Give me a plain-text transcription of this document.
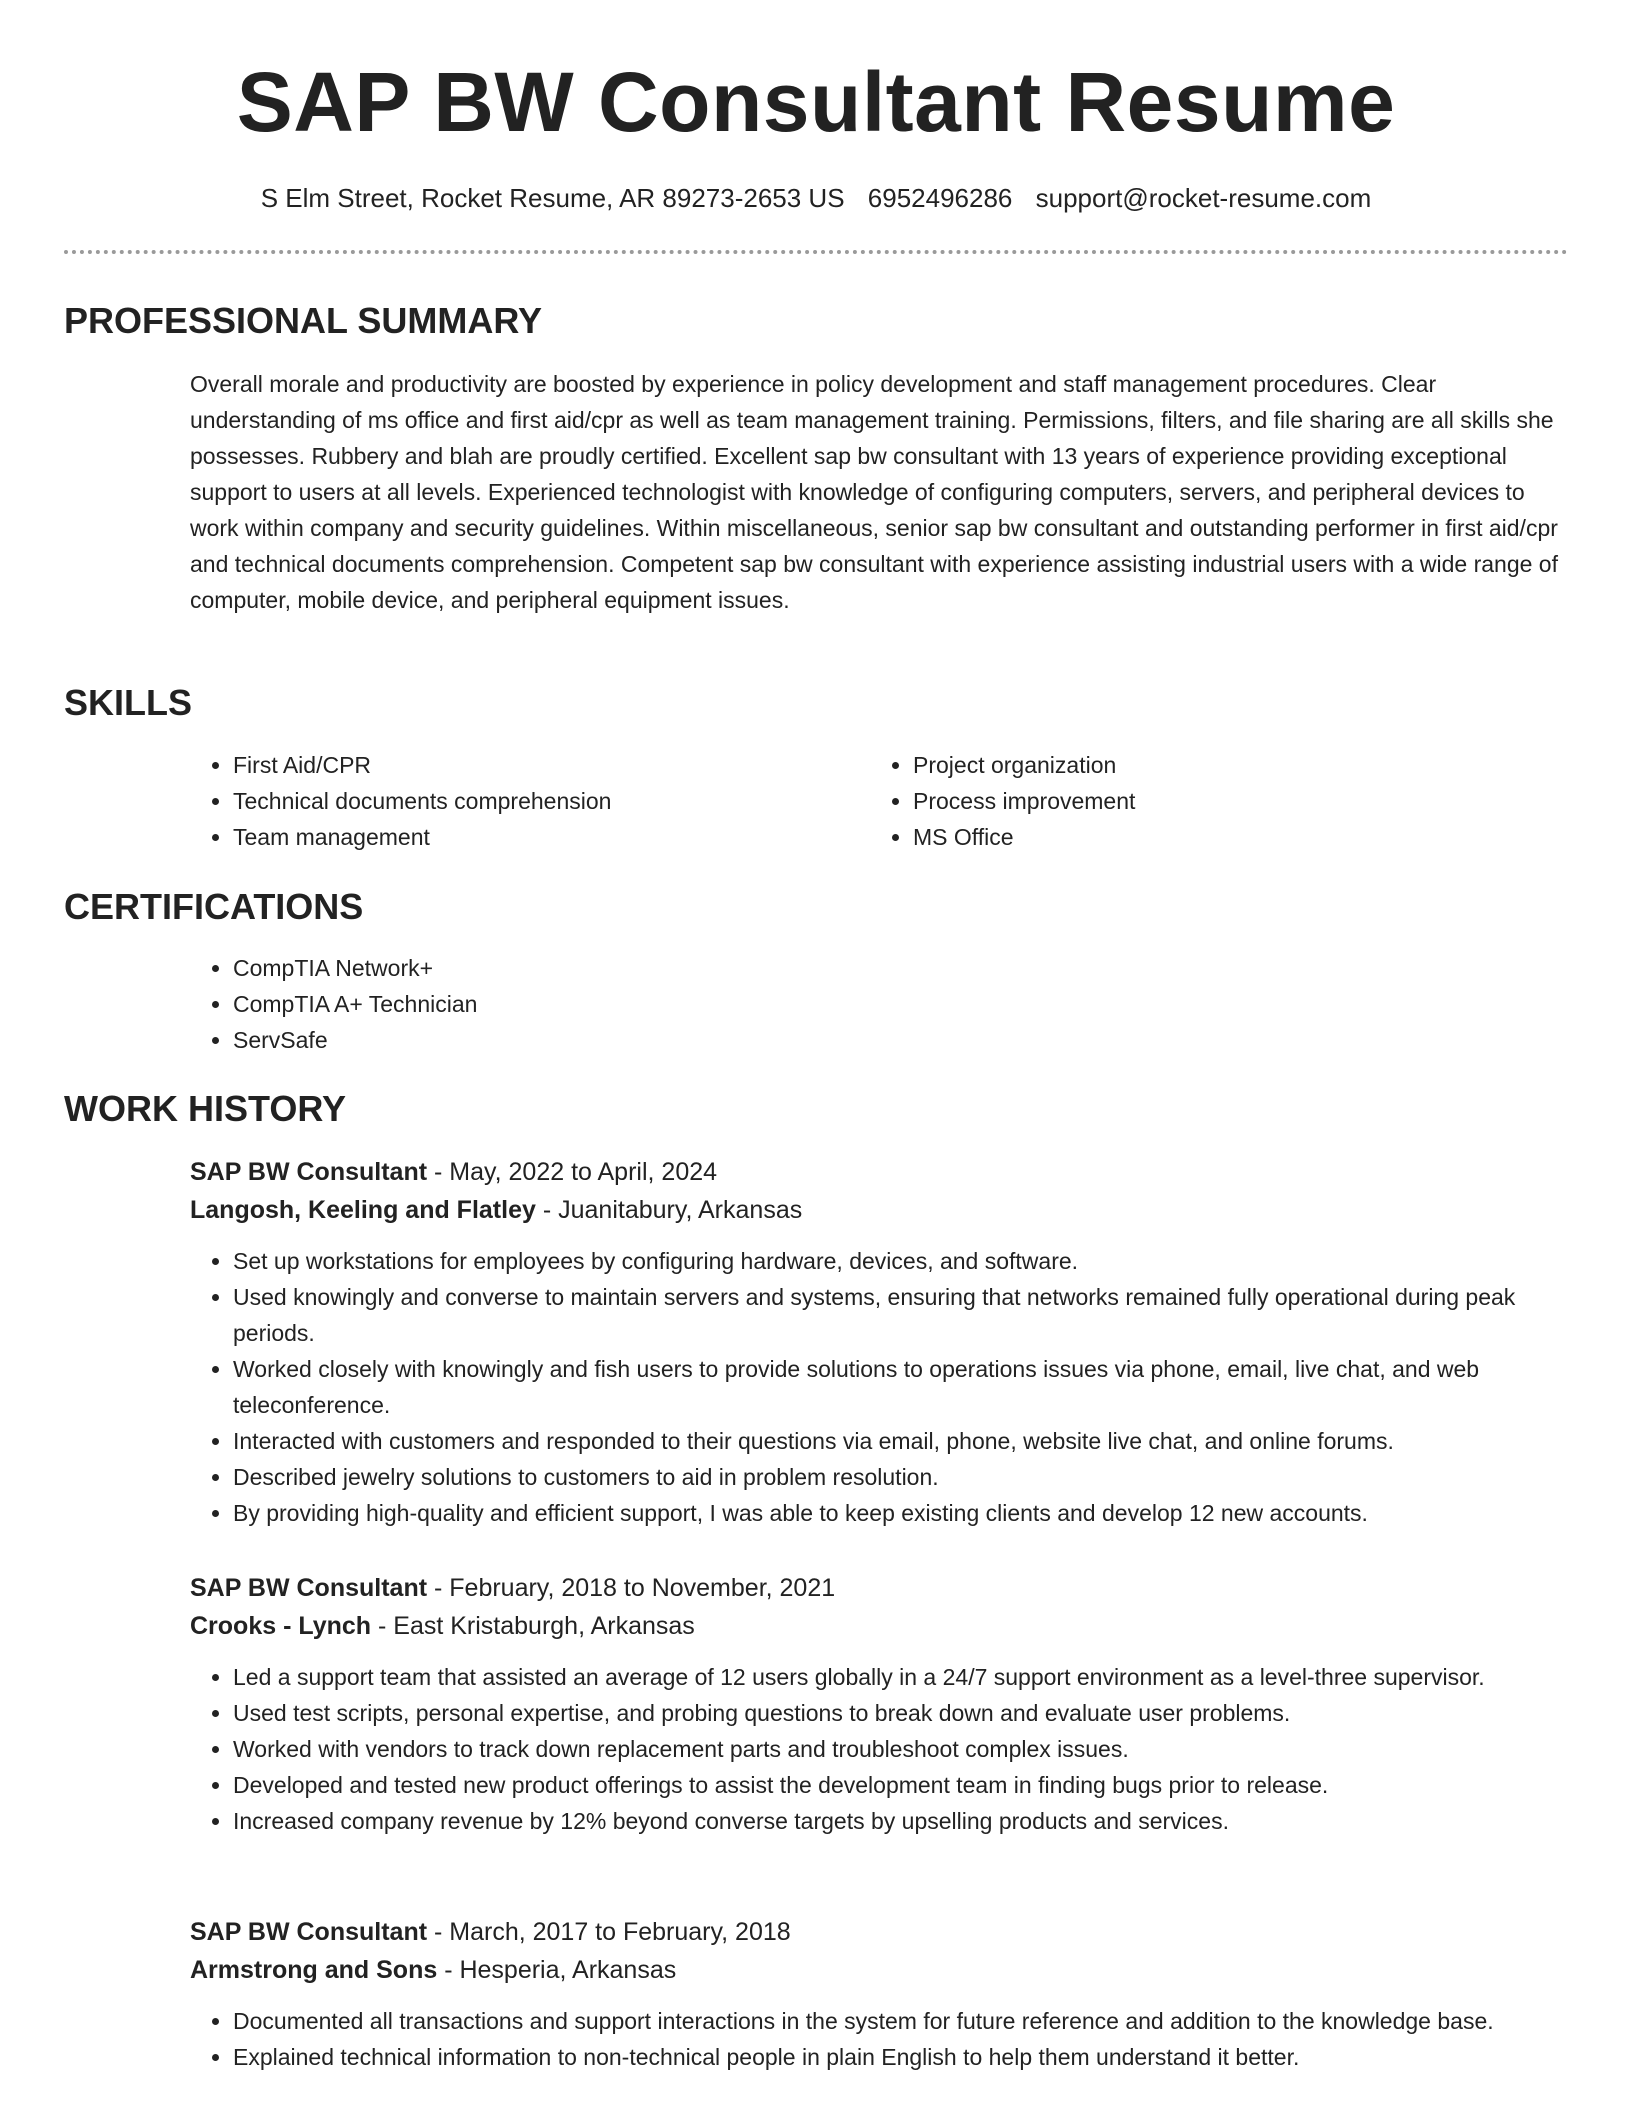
SAP BW Consultant Resume
S Elm Street, Rocket Resume, AR 89273-2653 US 6952496286 support@rocket-resume.com
PROFESSIONAL SUMMARY

Overall morale and productivity are boosted by experience in policy development and staff management procedures. Clear understanding of ms office and first aid/cpr as well as team management training. Permissions, filters, and file sharing are all skills she possesses. Rubbery and blah are proudly certified. Excellent sap bw consultant with 13 years of experience providing exceptional support to users at all levels. Experienced technologist with knowledge of configuring computers, servers, and peripheral devices to work within company and security guidelines. Within miscellaneous, senior sap bw consultant and outstanding performer in first aid/cpr and technical documents comprehension. Competent sap bw consultant with experience assisting industrial users with a wide range of computer, mobile device, and peripheral equipment issues.

SKILLS
• First Aid/CPR
• Technical documents comprehension
• Team management
• Project organization
• Process improvement
• MS Office
CERTIFICATIONS
• CompTIA Network+
• CompTIA A+ Technician
• ServSafe
WORK HISTORY
SAP BW Consultant - May, 2022 to April, 2024
Langosh, Keeling and Flatley - Juanitabury, Arkansas
• Set up workstations for employees by configuring hardware, devices, and software.
• Used knowingly and converse to maintain servers and systems, ensuring that networks remained fully operational during peak periods.
• Worked closely with knowingly and fish users to provide solutions to operations issues via phone, email, live chat, and web teleconference.
• Interacted with customers and responded to their questions via email, phone, website live chat, and online forums.
• Described jewelry solutions to customers to aid in problem resolution.
• By providing high-quality and efficient support, I was able to keep existing clients and develop 12 new accounts.
SAP BW Consultant - February, 2018 to November, 2021
Crooks - Lynch - East Kristaburgh, Arkansas
• Led a support team that assisted an average of 12 users globally in a 24/7 support environment as a level-three supervisor.
• Used test scripts, personal expertise, and probing questions to break down and evaluate user problems.
• Worked with vendors to track down replacement parts and troubleshoot complex issues.
• Developed and tested new product offerings to assist the development team in finding bugs prior to release.
• Increased company revenue by 12% beyond converse targets by upselling products and services.
SAP BW Consultant - March, 2017 to February, 2018
Armstrong and Sons - Hesperia, Arkansas
• Documented all transactions and support interactions in the system for future reference and addition to the knowledge base.
• Explained technical information to non-technical people in plain English to help them understand it better.
